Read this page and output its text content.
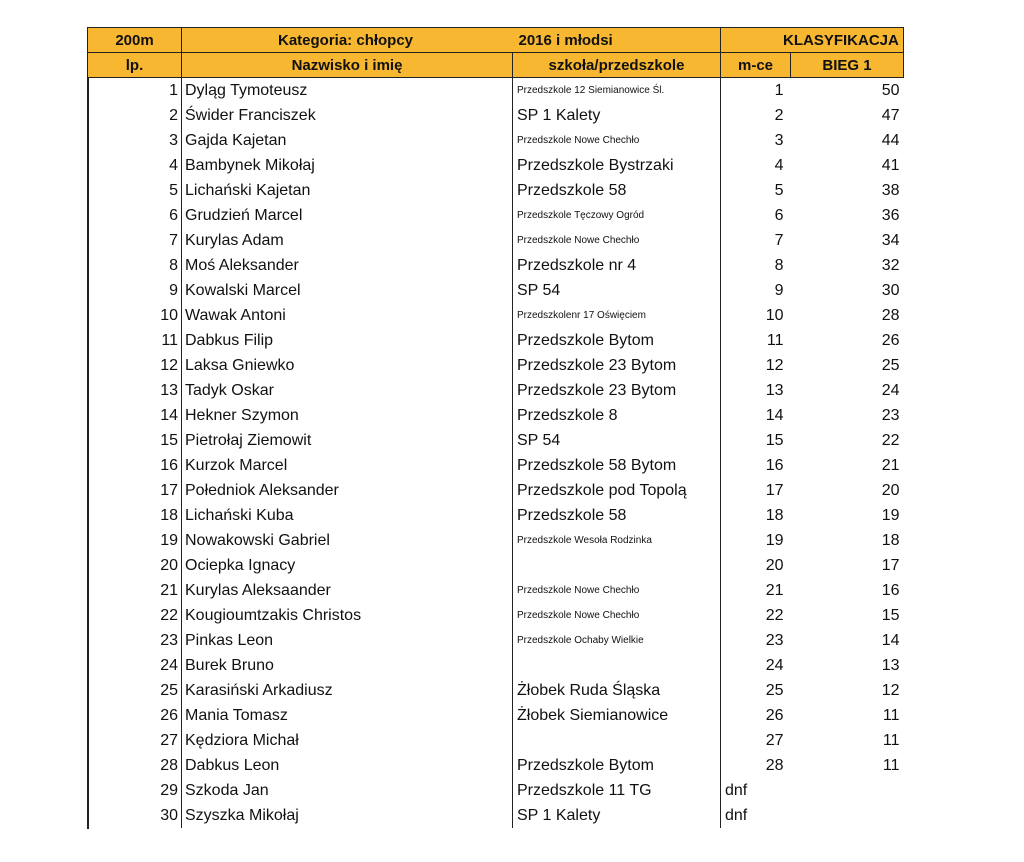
200m	Kategoria: chłopcy	2016 i młodsi	KLASYFIKACJA	
lp.	Nazwisko i imię	szkoła/przedszkole	m-ce	BIEG 1
1	Dyląg Tymoteusz	Przedszkole 12 Siemianowice Śl.	1	50
2	Świder Franciszek	SP 1 Kalety	2	47
3	Gajda Kajetan	Przedszkole Nowe Chechło	3	44
4	Bambynek Mikołaj	Przedszkole Bystrzaki	4	41
5	Lichański Kajetan	Przedszkole 58	5	38
6	Grudzień Marcel	Przedszkole Tęczowy Ogród	6	36
7	Kurylas Adam	Przedszkole Nowe Chechło	7	34
8	Moś Aleksander	Przedszkole nr 4	8	32
9	Kowalski Marcel	SP 54	9	30
10	Wawak Antoni	Przedszkolenr 17 Oświęciem	10	28
11	Dabkus Filip	Przedszkole Bytom	11	26
12	Laksa Gniewko	Przedszkole 23 Bytom	12	25
13	Tadyk Oskar	Przedszkole 23 Bytom	13	24
14	Hekner Szymon	Przedszkole 8	14	23
15	Pietrołaj Ziemowit	SP 54	15	22
16	Kurzok Marcel	Przedszkole 58 Bytom	16	21
17	Połedniok Aleksander	Przedszkole pod Topolą	17	20
18	Lichański Kuba	Przedszkole 58	18	19
19	Nowakowski Gabriel	Przedszkole Wesoła Rodzinka	19	18
20	Ociepka Ignacy		20	17
21	Kurylas Aleksaander	Przedszkole Nowe Chechło	21	16
22	Kougioumtzakis Christos	Przedszkole Nowe Chechło	22	15
23	Pinkas Leon	Przedszkole Ochaby Wielkie	23	14
24	Burek Bruno		24	13
25	Karasiński Arkadiusz	Żłobek Ruda Śląska	25	12
26	Mania Tomasz	Żłobek Siemianowice	26	11
27	Kędziora Michał		27	11
28	Dabkus Leon	Przedszkole Bytom	28	11
29	Szkoda Jan	Przedszkole 11 TG	dnf	
30	Szyszka Mikołaj	SP 1 Kalety	dnf	
